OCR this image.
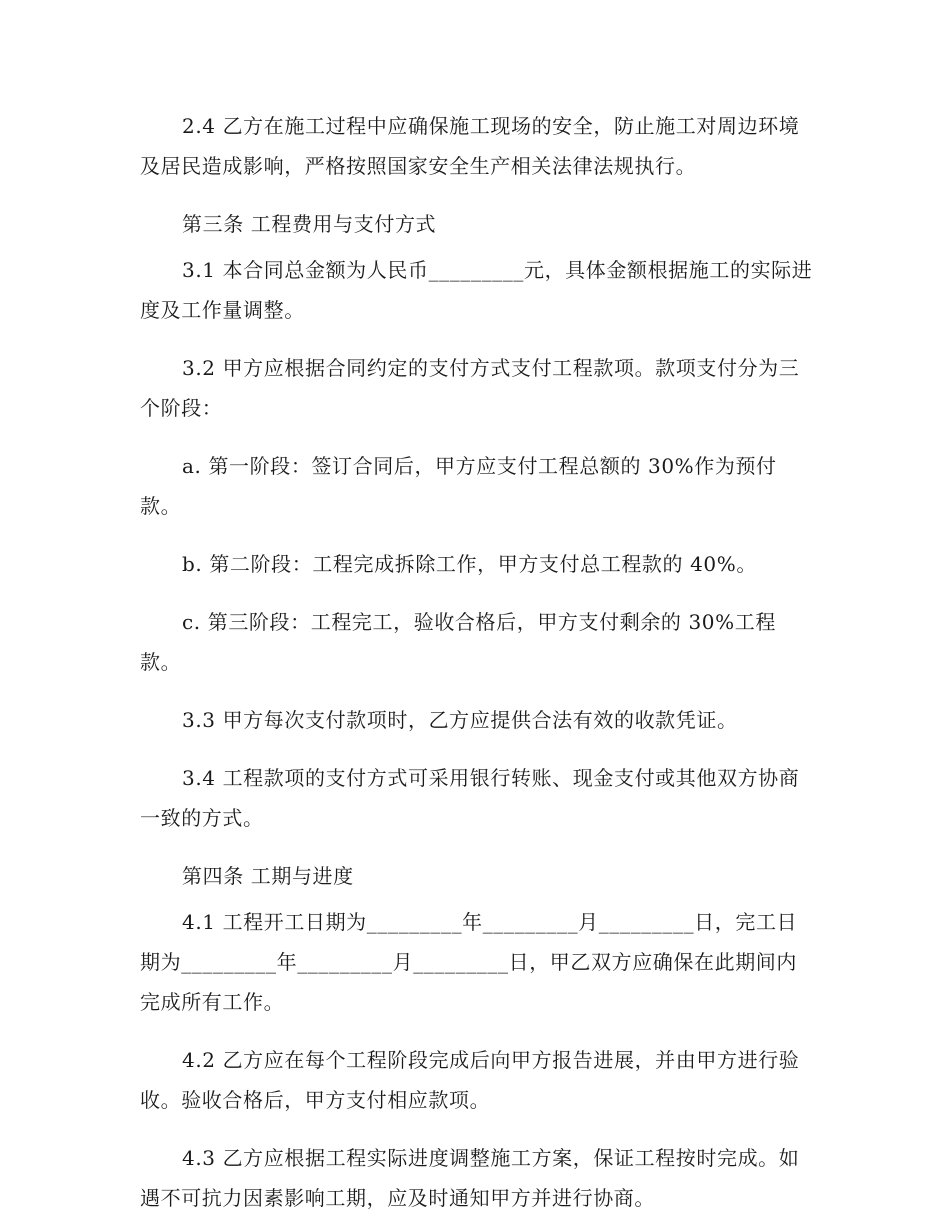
2.4 乙方在施工过程中应确保施工现场的安全，防止施工对周边环境及居民造成影响，严格按照国家安全生产相关法律法规执行。

第三条 工程费用与支付方式

3.1 本合同总金额为人民币_________元，具体金额根据施工的实际进度及工作量调整。

3.2 甲方应根据合同约定的支付方式支付工程款项。款项支付分为三个阶段：

a. 第一阶段：签订合同后，甲方应支付工程总额的 30%作为预付款。

b. 第二阶段：工程完成拆除工作，甲方支付总工程款的 40%。

c. 第三阶段：工程完工，验收合格后，甲方支付剩余的 30%工程款。

3.3 甲方每次支付款项时，乙方应提供合法有效的收款凭证。

3.4 工程款项的支付方式可采用银行转账、现金支付或其他双方协商一致的方式。

第四条 工期与进度

4.1 工程开工日期为_________年_________月_________日，完工日期为_________年_________月_________日，甲乙双方应确保在此期间内完成所有工作。

4.2 乙方应在每个工程阶段完成后向甲方报告进展，并由甲方进行验收。验收合格后，甲方支付相应款项。

4.3 乙方应根据工程实际进度调整施工方案，保证工程按时完成。如遇不可抗力因素影响工期，应及时通知甲方并进行协商。
